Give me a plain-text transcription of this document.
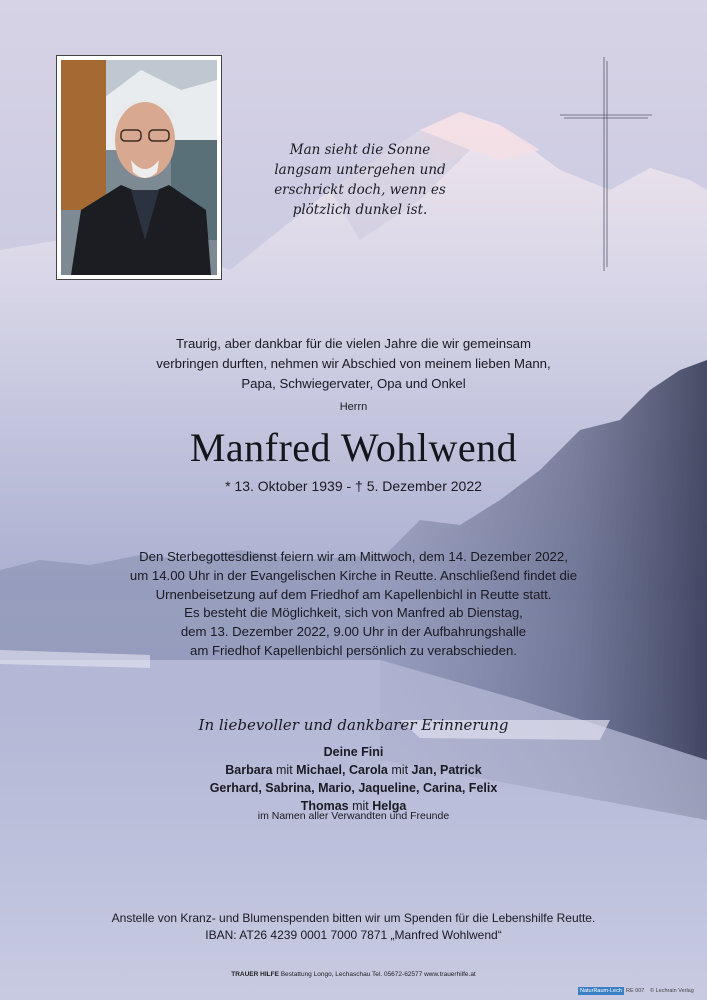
Man sieht die Sonne
langsam untergehen und
erschrickt doch, wenn es
plötzlich dunkel ist.
Traurig, aber dankbar für die vielen Jahre die wir gemeinsam
verbringen durften, nehmen wir Abschied von meinem lieben Mann,
Papa, Schwiegervater, Opa und Onkel
Herrn
Manfred Wohlwend
* 13. Oktober 1939 - † 5. Dezember 2022
Den Sterbegottesdienst feiern wir am Mittwoch, dem 14. Dezember 2022,
um 14.00 Uhr in der Evangelischen Kirche in Reutte. Anschließend findet die
Urnenbeisetzung auf dem Friedhof am Kapellenbichl in Reutte statt.
Es besteht die Möglichkeit, sich von Manfred ab Dienstag,
dem 13. Dezember 2022, 9.00 Uhr in der Aufbahrungshalle
am Friedhof Kapellenbichl persönlich zu verabschieden.
In liebevoller und dankbarer Erinnerung
Deine Fini
Barbara mit Michael, Carola mit Jan, Patrick
Gerhard, Sabrina, Mario, Jaqueline, Carina, Felix
Thomas mit Helga
im Namen aller Verwandten und Freunde
Anstelle von Kranz- und Blumenspenden bitten wir um Spenden für die Lebenshilfe Reutte.
IBAN: AT26 4239 0001 7000 7871 „Manfred Wohlwend“
TRAUER HILFE Bestattung Longo, Lechaschau Tel. 05672-62577 www.trauerhilfe.at
NaturRaum-Lech RE 007 © Lechrain Verlag
